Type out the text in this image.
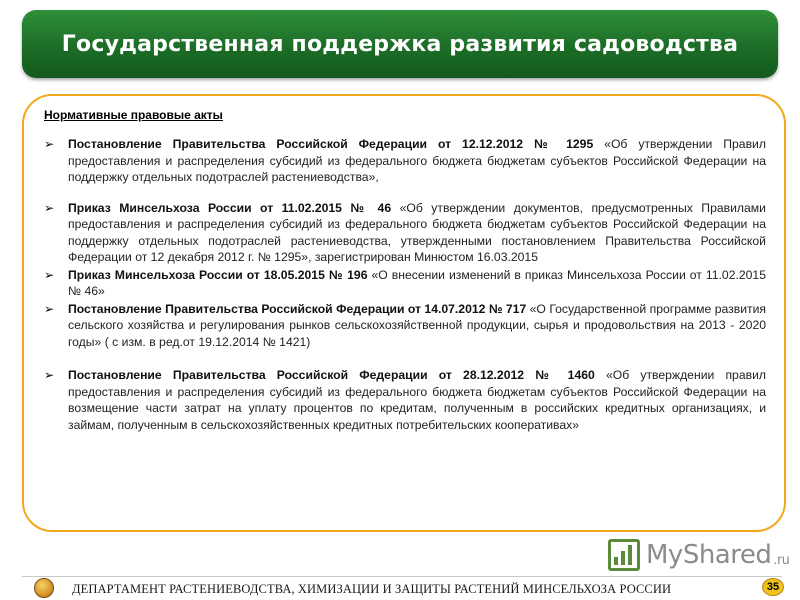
Государственная поддержка развития садоводства
Нормативные правовые акты
➢ Постановление Правительства Российской Федерации от 12.12.2012 № 1295 «Об утверждении Правил предоставления и распределения субсидий из федерального бюджета бюджетам субъектов Российской Федерации на поддержку отдельных подотраслей растениеводства»,
➢ Приказ Минсельхоза России от 11.02.2015 № 46 «Об утверждении документов, предусмотренных Правилами предоставления и распределения субсидий из федерального бюджета бюджетам субъектов Российской Федерации на поддержку отдельных подотраслей растениеводства, утвержденными постановлением Правительства Российской Федерации от 12 декабря 2012 г. № 1295», зарегистрирован Минюстом 16.03.2015
➢ Приказ Минсельхоза России от 18.05.2015 № 196 «О внесении изменений в приказ Минсельхоза России от 11.02.2015 № 46»
➢ Постановление Правительства Российской Федерации от 14.07.2012 № 717 «О Государственной программе развития сельского хозяйства и регулирования рынков сельскохозяйственной продукции, сырья и продовольствия на 2013 - 2020 годы» ( с изм. в ред.от 19.12.2014 № 1421)
➢ Постановление Правительства Российской Федерации от 28.12.2012 № 1460 «Об утверждении правил предоставления и распределения субсидий из федерального бюджета бюджетам субъектов Российской Федерации на возмещение части затрат на уплату процентов по кредитам, полученным в российских кредитных организациях, и займам, полученным в сельскохозяйственных кредитных потребительских кооперативах»
MyShared .ru
ДЕПАРТАМЕНТ РАСТЕНИЕВОДСТВА, ХИМИЗАЦИИ И ЗАЩИТЫ РАСТЕНИЙ МИНСЕЛЬХОЗА РОССИИ	35
